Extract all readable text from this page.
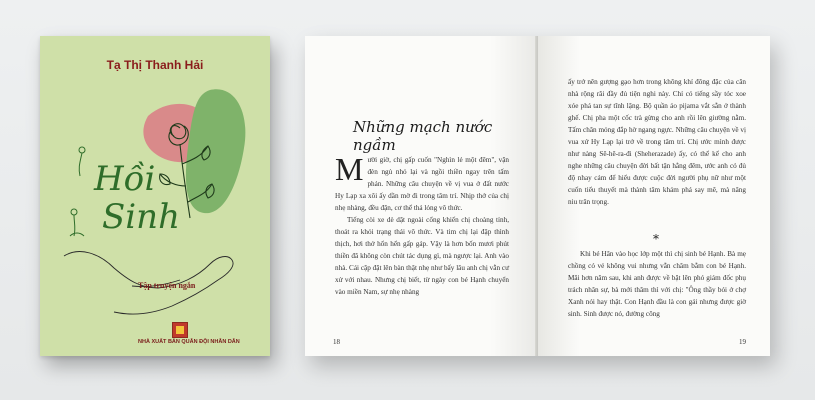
Tạ Thị Thanh Hải
Hồi
Sinh
Tập truyện ngắn
NHÀ XUẤT BẢN QUÂN ĐỘI NHÂN DÂN
Những mạch nước ngầm

Mười giờ, chị gấp cuốn "Nghìn lẻ một đêm", vặn đèn ngủ nhỏ lại và ngồi thiền ngay trên tấm phản. Những câu chuyện về vị vua ở đất nước Hy Lạp xa xôi ấy dần mờ đi trong tâm trí. Nhịp thở của chị nhẹ nhàng, đều đặn, cơ thể thả lỏng vô thức.

Tiếng còi xe dè dặt ngoài cổng khiến chị choàng tỉnh, thoát ra khỏi trạng thái vô thức. Và tim chị lại đập thình thịch, hơi thở hổn hển gấp gáp. Vậy là hơn bốn mươi phút thiền đã không còn chút tác dụng gì, mà ngược lại. Anh vào nhà. Cái cặp đặt lên bàn thật nhẹ như bấy lâu anh chị vẫn cư xử với nhau. Nhưng chị biết, từ ngày con bé Hạnh chuyển vào miền Nam, sự nhẹ nhàng

18

ấy trở nên gượng gạo hơn trong không khí đông đặc của căn nhà rộng rãi đầy đủ tiện nghi này. Chỉ có tiếng sầy tóc xoe xóe phá tan sự tĩnh lặng. Bộ quần áo pijama vắt sẵn ở thành ghế. Chị pha một cốc trà gừng cho anh rồi lên giường nằm. Tấm chăn mỏng đắp hờ ngang ngực. Những câu chuyện về vị vua xứ Hy Lạp lại trở về trong tâm trí. Chị ước mình được như nàng Sê-hê-ra-đi (Sheherazade) ấy, có thể kể cho anh nghe những câu chuyện đời bất tận hằng đêm, ước anh có đủ độ nhay cảm để hiểu được cuộc đời người phụ nữ như một cuốn tiểu thuyết mà thành tâm khám phá say mê, mà nâng niu trân trọng.

*

Khi bé Hân vào học lớp một thì chị sinh bé Hạnh. Bà mẹ chồng có vẻ không vui nhưng vẫn chăm bẵm con bé Hạnh. Mãi hơn năm sau, khi anh được về bặt lên phó giám đốc phụ trách nhân sự, bà mới thăm thì với chị: "Ông thầy bói ở chợ Xanh nói hay thật. Con Hạnh đầu là con gái nhưng được giờ sinh. Sinh được nó, đường công

19
